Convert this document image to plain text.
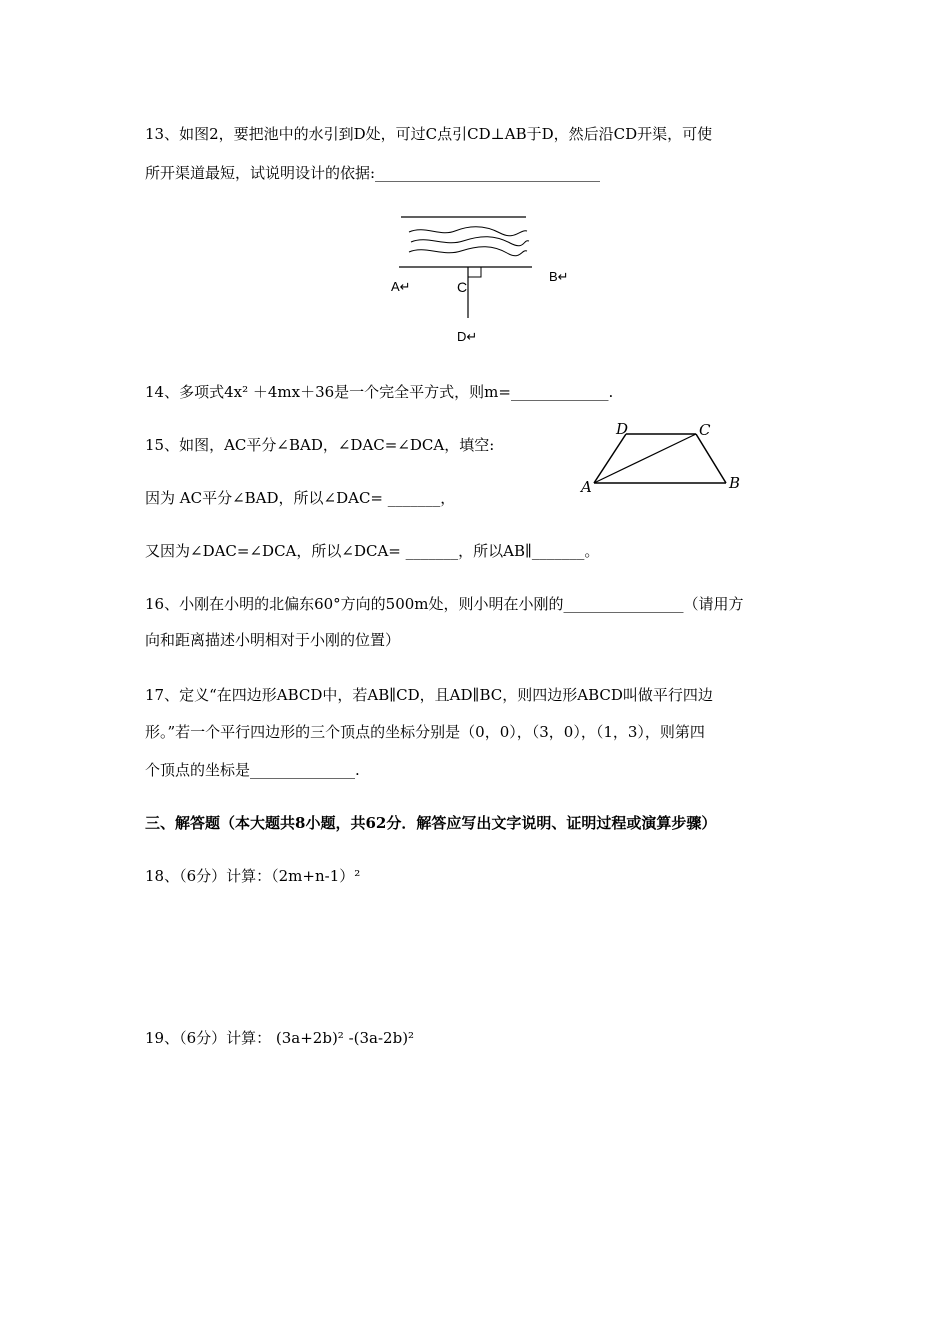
13、如图2，要把池中的水引到D处，可过C点引CD⊥AB于D，然后沿CD开渠，可使
所开渠道最短，试说明设计的依据:______________________________
A↵	C
B↵
D↵
14、多项式4x² ＋4mx＋36是一个完全平方式，则m=_____________.
15、如图，AC平分∠BAD，∠DAC=∠DCA，填空:
因为 AC平分∠BAD，所以∠DAC= _______，
又因为∠DAC=∠DCA，所以∠DCA= _______，所以AB∥_______。
D	C
A	B
16、小刚在小明的北偏东60°方向的500m处，则小明在小刚的________________（请用方
向和距离描述小明相对于小刚的位置）
17、定义“在四边形ABCD中，若AB∥CD，且AD∥BC，则四边形ABCD叫做平行四边
形。”若一个平行四边形的三个顶点的坐标分别是（0，0），（3，0），（1，3），则第四
个顶点的坐标是______________.
三、解答题（本大题共8小题，共62分．解答应写出文字说明、证明过程或演算步骤）
18、（6分）计算：（2m+n-1）²
19、（6分）计算： (3a+2b)² -(3a-2b)²
